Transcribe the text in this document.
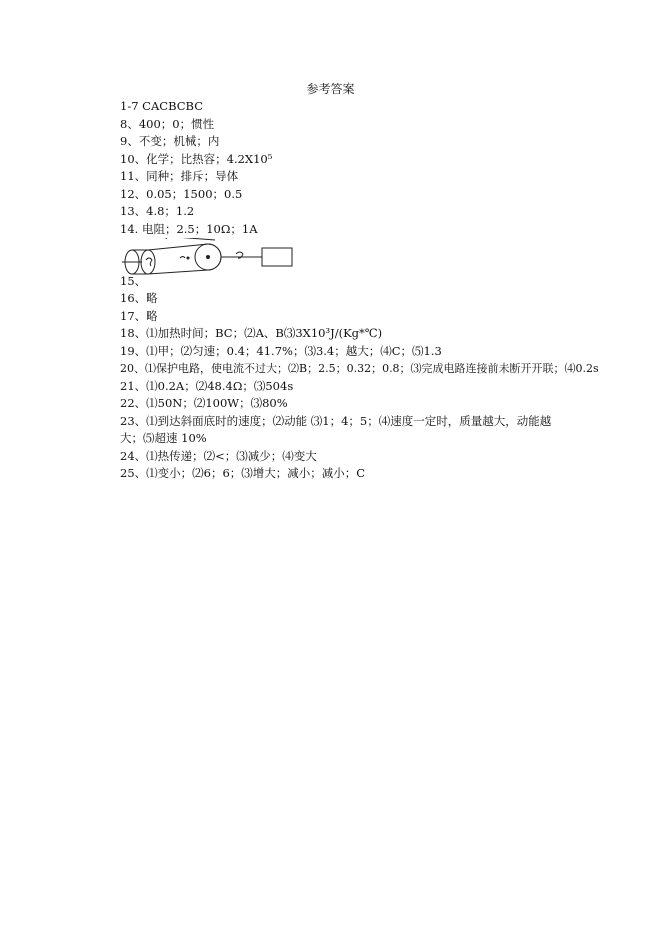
参考答案
1-7 CACBCBC
8、400；0；惯性
9、不变；机械；内
10、化学；比热容；4.2X10⁵
11、同种；排斥；导体
12、0.05；1500；0.5
13、4.8；1.2
14. 电阻；2.5；10Ω；1A
15、
16、略
17、略
18、⑴加热时间；BC；⑵A、B⑶3X10³J/(Kg*℃)
19、⑴甲；⑵匀速；0.4；41.7%；⑶3.4；越大；⑷C；⑸1.3
20、⑴保护电路，使电流不过大；⑵B；2.5；0.32；0.8；⑶完成电路连接前未断开开联；⑷0.2s
21、⑴0.2A；⑵48.4Ω；⑶504s
22、⑴50N；⑵100W；⑶80%
23、⑴到达斜面底时的速度；⑵动能 ⑶1；4；5；⑷速度一定时，质量越大，动能越大；⑸超速 10%
24、⑴热传递；⑵<；⑶减少；⑷变大
25、⑴变小；⑵6；6；⑶增大；减小；减小；C
